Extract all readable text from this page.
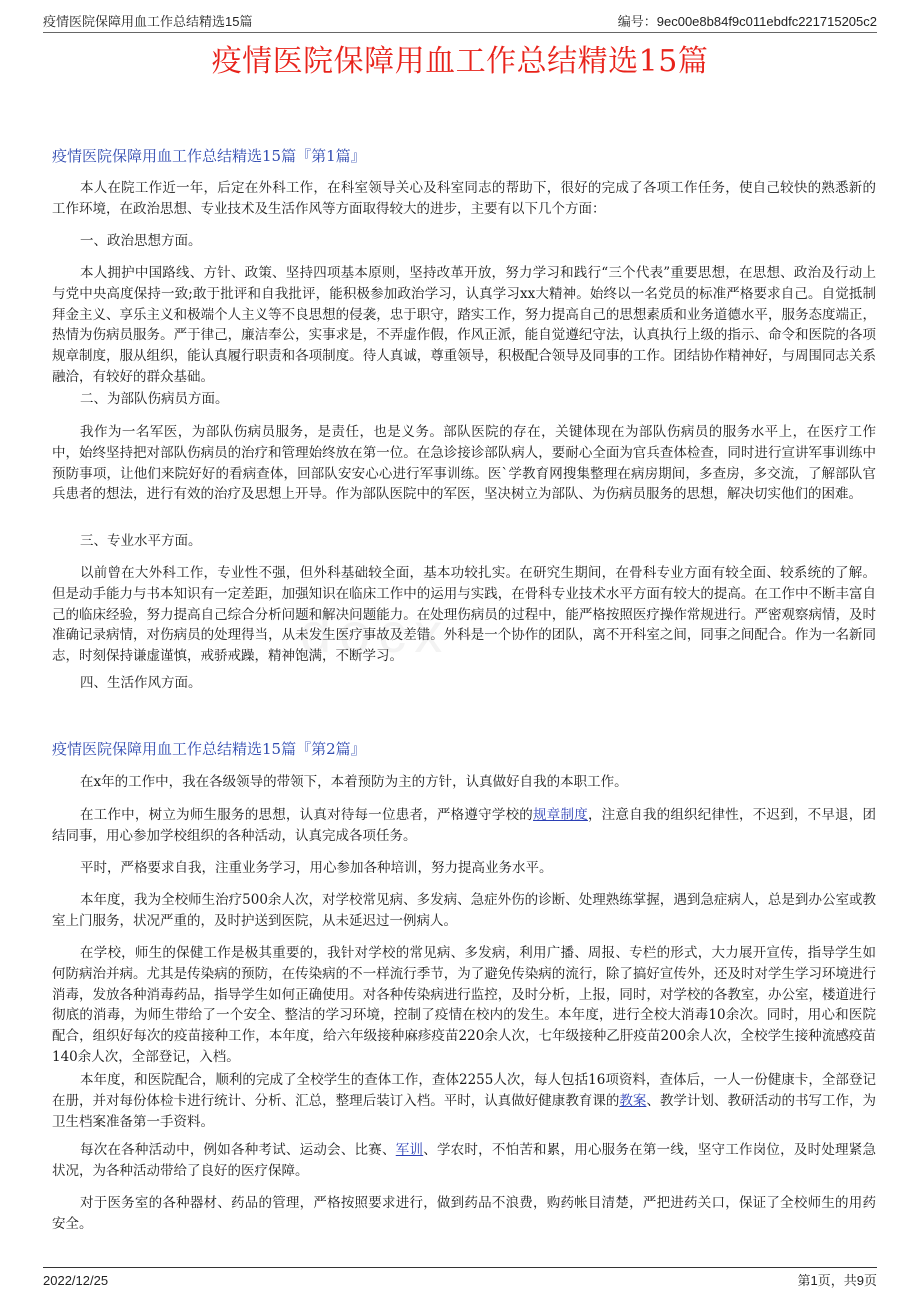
疫情医院保障用血工作总结精选15篇	编号：9ec00e8b84f9c011ebdfc221715205c2
疫情医院保障用血工作总结精选15篇
docx
疫情医院保障用血工作总结精选15篇『第1篇』
本人在院工作近一年，后定在外科工作，在科室领导关心及科室同志的帮助下，很好的完成了各项工作任务，使自己较快的熟悉新的工作环境，在政治思想、专业技术及生活作风等方面取得较大的进步，主要有以下几个方面：
一、政治思想方面。
本人拥护中国路线、方针、政策、坚持四项基本原则，坚持改革开放，努力学习和践行“三个代表”重要思想，在思想、政治及行动上与党中央高度保持一致;敢于批评和自我批评，能积极参加政治学习，认真学习xx大精神。始终以一名党员的标准严格要求自己。自觉抵制拜金主义、享乐主义和极端个人主义等不良思想的侵袭，忠于职守，踏实工作，努力提高自己的思想素质和业务道德水平，服务态度端正，热情为伤病员服务。严于律己，廉洁奉公，实事求是，不弄虚作假，作风正派，能自觉遵纪守法，认真执行上级的指示、命令和医院的各项规章制度，服从组织，能认真履行职责和各项制度。待人真诚，尊重领导，积极配合领导及同事的工作。团结协作精神好，与周围同志关系融洽，有较好的群众基础。
二、为部队伤病员方面。
我作为一名军医，为部队伤病员服务，是责任，也是义务。部队医院的存在，关键体现在为部队伤病员的服务水平上，在医疗工作中，始终坚持把对部队伤病员的治疗和管理始终放在第一位。在急诊接诊部队病人，要耐心全面为官兵查体检查，同时进行宣讲军事训练中预防事项，让他们来院好好的看病查体，回部队安安心心进行军事训练。医`学教育网搜集整理在病房期间，多查房，多交流，了解部队官兵患者的想法，进行有效的治疗及思想上开导。作为部队医院中的军医，坚决树立为部队、为伤病员服务的思想，解决切实他们的困难。
三、专业水平方面。
以前曾在大外科工作，专业性不强，但外科基础较全面，基本功较扎实。在研究生期间，在骨科专业方面有较全面、较系统的了解。但是动手能力与书本知识有一定差距，加强知识在临床工作中的运用与实践，在骨科专业技术水平方面有较大的提高。在工作中不断丰富自己的临床经验，努力提高自己综合分析问题和解决问题能力。在处理伤病员的过程中，能严格按照医疗操作常规进行。严密观察病情，及时准确记录病情，对伤病员的处理得当，从未发生医疗事故及差错。外科是一个协作的团队，离不开科室之间，同事之间配合。作为一名新同志，时刻保持谦虚谨慎，戒骄戒躁，精神饱满，不断学习。
四、生活作风方面。
疫情医院保障用血工作总结精选15篇『第2篇』
在x年的工作中，我在各级领导的带领下，本着预防为主的方针，认真做好自我的本职工作。
在工作中，树立为师生服务的思想，认真对待每一位患者，严格遵守学校的规章制度，注意自我的组织纪律性，不迟到，不早退，团结同事，用心参加学校组织的各种活动，认真完成各项任务。
平时，严格要求自我，注重业务学习，用心参加各种培训，努力提高业务水平。
本年度，我为全校师生治疗500余人次，对学校常见病、多发病、急症外伤的诊断、处理熟练掌握，遇到急症病人，总是到办公室或教室上门服务，状况严重的，及时护送到医院，从未延迟过一例病人。
在学校，师生的保健工作是极其重要的，我针对学校的常见病、多发病，利用广播、周报、专栏的形式，大力展开宣传，指导学生如何防病治并病。尤其是传染病的预防，在传染病的不一样流行季节，为了避免传染病的流行，除了搞好宣传外，还及时对学生学习环境进行消毒，发放各种消毒药品，指导学生如何正确使用。对各种传染病进行监控，及时分析，上报，同时，对学校的各教室，办公室，楼道进行彻底的消毒，为师生带给了一个安全、整洁的学习环境，控制了疫情在校内的发生。本年度，进行全校大消毒10余次。同时，用心和医院配合，组织好每次的疫苗接种工作，本年度，给六年级接种麻疹疫苗220余人次，七年级接种乙肝疫苗200余人次，全校学生接种流感疫苗140余人次，全部登记，入档。
本年度，和医院配合，顺利的完成了全校学生的查体工作，查体2255人次，每人包括16项资料，查体后，一人一份健康卡，全部登记在册，并对每份体检卡进行统计、分析、汇总，整理后装订入档。平时，认真做好健康教育课的教案、教学计划、教研活动的书写工作，为卫生档案准备第一手资料。
每次在各种活动中，例如各种考试、运动会、比赛、军训、学农时，不怕苦和累，用心服务在第一线，坚守工作岗位，及时处理紧急状况，为各种活动带给了良好的医疗保障。
对于医务室的各种器材、药品的管理，严格按照要求进行，做到药品不浪费，购药帐目清楚，严把进药关口，保证了全校师生的用药安全。
2022/12/25	第1页，共9页
